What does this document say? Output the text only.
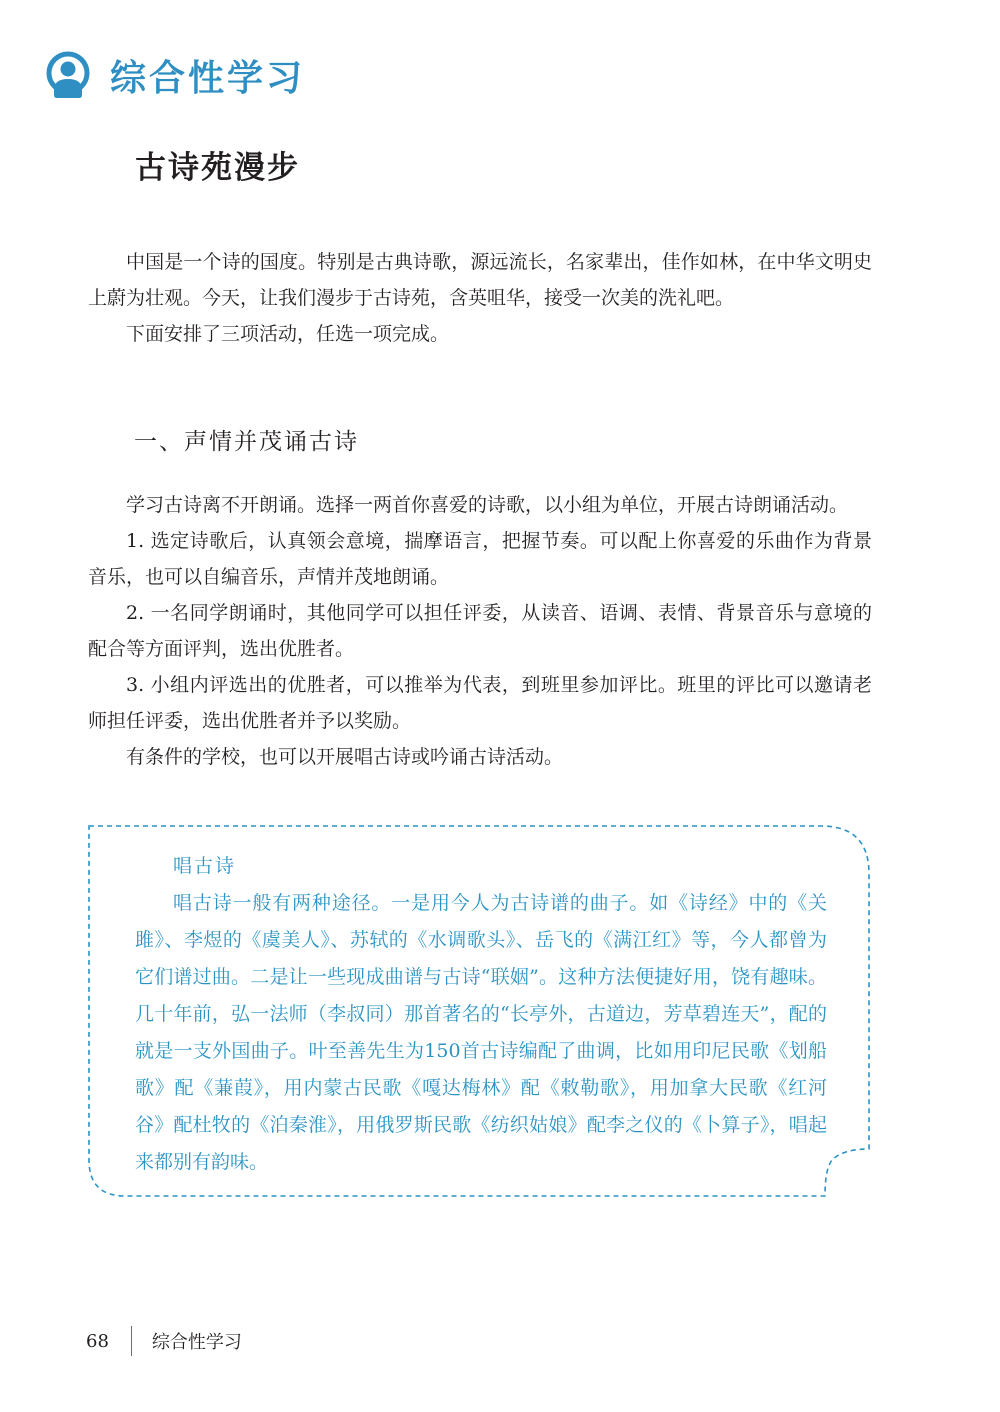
综合性学习
古诗苑漫步

中国是一个诗的国度。特别是古典诗歌，源远流长，名家辈出，佳作如林，在中华文明史上蔚为壮观。今天，让我们漫步于古诗苑，含英咀华，接受一次美的洗礼吧。

下面安排了三项活动，任选一项完成。

一、声情并茂诵古诗

学习古诗离不开朗诵。选择一两首你喜爱的诗歌，以小组为单位，开展古诗朗诵活动。

1. 选定诗歌后，认真领会意境，揣摩语言，把握节奏。可以配上你喜爱的乐曲作为背景音乐，也可以自编音乐，声情并茂地朗诵。

2. 一名同学朗诵时，其他同学可以担任评委，从读音、语调、表情、背景音乐与意境的配合等方面评判，选出优胜者。

3. 小组内评选出的优胜者，可以推举为代表，到班里参加评比。班里的评比可以邀请老师担任评委，选出优胜者并予以奖励。

有条件的学校，也可以开展唱古诗或吟诵古诗活动。

唱古诗

唱古诗一般有两种途径。一是用今人为古诗谱的曲子。如《诗经》中的《关雎》、李煜的《虞美人》、苏轼的《水调歌头》、岳飞的《满江红》等，今人都曾为它们谱过曲。二是让一些现成曲谱与古诗“联姻”。这种方法便捷好用，饶有趣味。几十年前，弘一法师（李叔同）那首著名的“长亭外，古道边，芳草碧连天”，配的就是一支外国曲子。叶至善先生为150首古诗编配了曲调，比如用印尼民歌《划船歌》配《蒹葭》，用内蒙古民歌《嘎达梅林》配《敕勒歌》，用加拿大民歌《红河谷》配杜牧的《泊秦淮》，用俄罗斯民歌《纺织姑娘》配李之仪的《卜算子》，唱起来都别有韵味。

68 综合性学习
